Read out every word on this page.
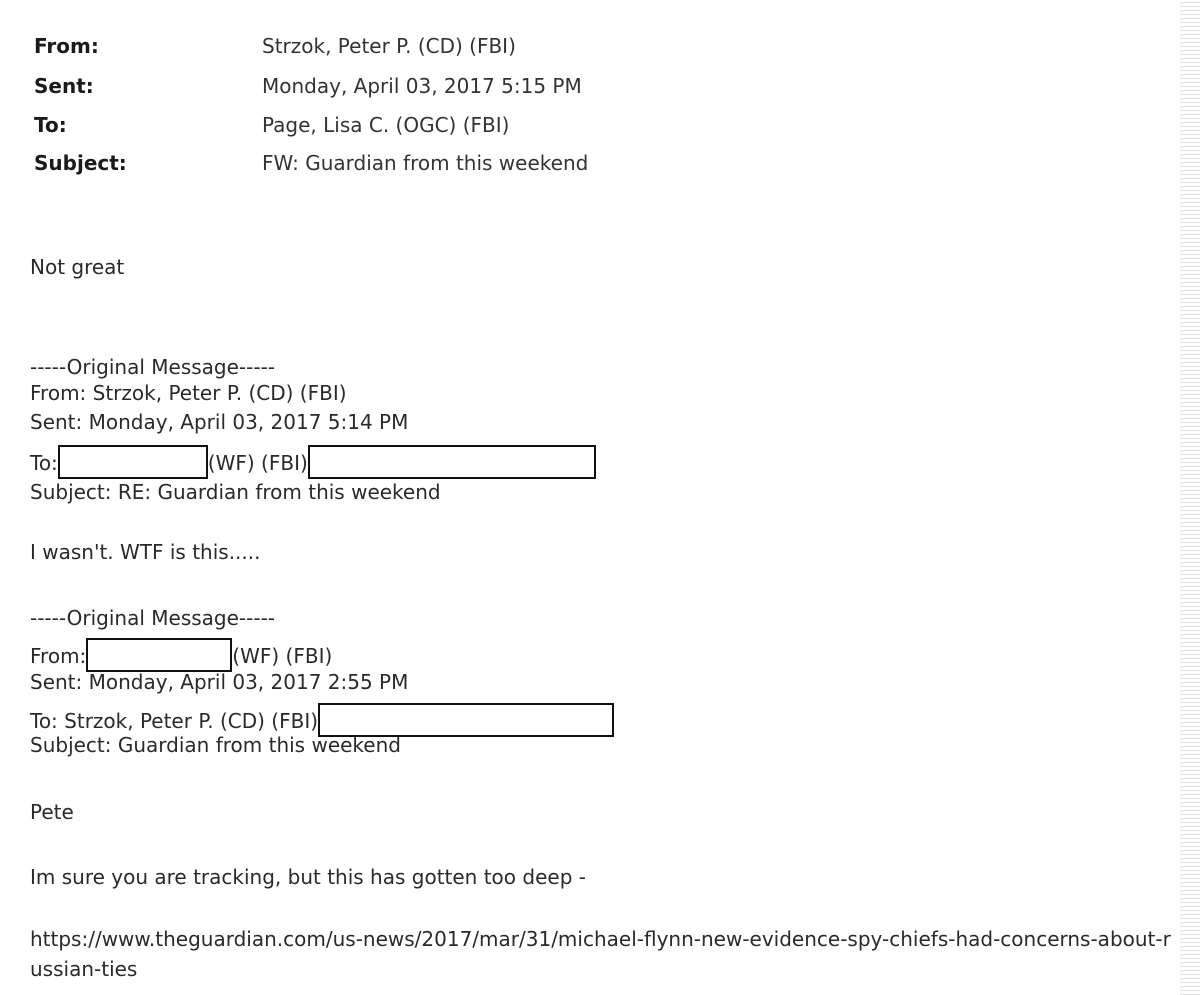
From:	Strzok, Peter P. (CD) (FBI)
Sent:	Monday, April 03, 2017 5:15 PM
To:	Page, Lisa C. (OGC) (FBI)
Subject:	FW: Guardian from this weekend
Not great
-----Original Message-----
From: Strzok, Peter P. (CD) (FBI)
Sent: Monday, April 03, 2017 5:14 PM
To:	(WF) (FBI)
Subject: RE: Guardian from this weekend
I wasn't. WTF is this.....
-----Original Message-----
From:	(WF) (FBI)
Sent: Monday, April 03, 2017 2:55 PM
To: Strzok, Peter P. (CD) (FBI)
Subject: Guardian from this weekend
Pete
Im sure you are tracking, but this has gotten too deep -
https://www.theguardian.com/us-news/2017/mar/31/michael-flynn-new-evidence-spy-chiefs-had-concerns-about-russian-ties
